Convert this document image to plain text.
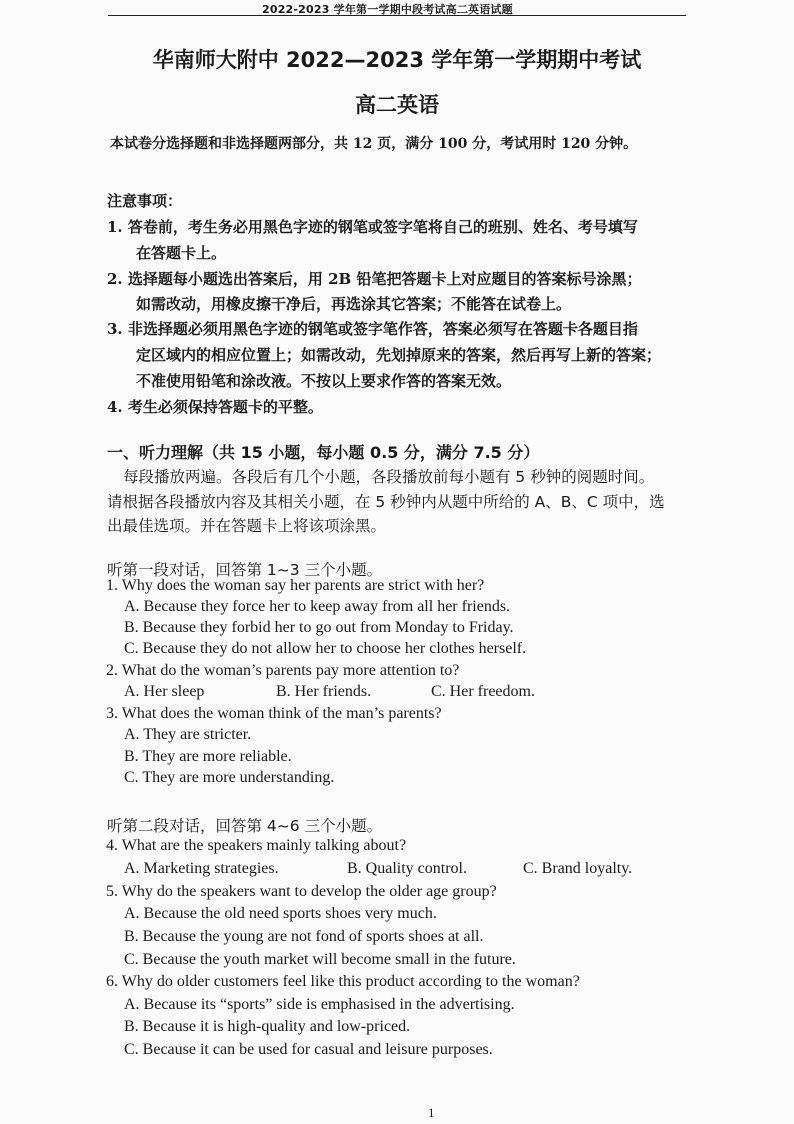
2022-2023 学年第一学期中段考试高二英语试题
华南师大附中 2022—2023 学年第一学期期中考试
高二英语
本试卷分选择题和非选择题两部分，共 12 页，满分 100 分，考试用时 120 分钟。
注意事项：
1. 答卷前，考生务必用黑色字迹的钢笔或签字笔将自己的班别、姓名、考号填写
在答题卡上。
2. 选择题每小题选出答案后，用 2B 铅笔把答题卡上对应题目的答案标号涂黑；
如需改动，用橡皮擦干净后，再选涂其它答案；不能答在试卷上。
3. 非选择题必须用黑色字迹的钢笔或签字笔作答，答案必须写在答题卡各题目指
定区域内的相应位置上；如需改动，先划掉原来的答案，然后再写上新的答案；
不准使用铅笔和涂改液。不按以上要求作答的答案无效。
4. 考生必须保持答题卡的平整。
一、听力理解（共 15 小题，每小题 0.5 分，满分 7.5 分）
每段播放两遍。各段后有几个小题，各段播放前每小题有 5 秒钟的阅题时间。
请根据各段播放内容及其相关小题，在 5 秒钟内从题中所给的 A、B、C 项中，选
出最佳选项。并在答题卡上将该项涂黑。
听第一段对话，回答第 1~3 三个小题。
1. Why does the woman say her parents are strict with her?
A. Because they force her to keep away from all her friends.
B. Because they forbid her to go out from Monday to Friday.
C. Because they do not allow her to choose her clothes herself.
2. What do the woman’s parents pay more attention to?
A. Her sleep	B. Her friends.	C. Her freedom.
3. What does the woman think of the man’s parents?
A. They are stricter.
B. They are more reliable.
C. They are more understanding.
听第二段对话，回答第 4~6 三个小题。
4. What are the speakers mainly talking about?
A. Marketing strategies.	B. Quality control.	C. Brand loyalty.
5. Why do the speakers want to develop the older age group?
A. Because the old need sports shoes very much.
B. Because the young are not fond of sports shoes at all.
C. Because the youth market will become small in the future.
6. Why do older customers feel like this product according to the woman?
A. Because its “sports” side is emphasised in the advertising.
B. Because it is high-quality and low-priced.
C. Because it can be used for casual and leisure purposes.
1
